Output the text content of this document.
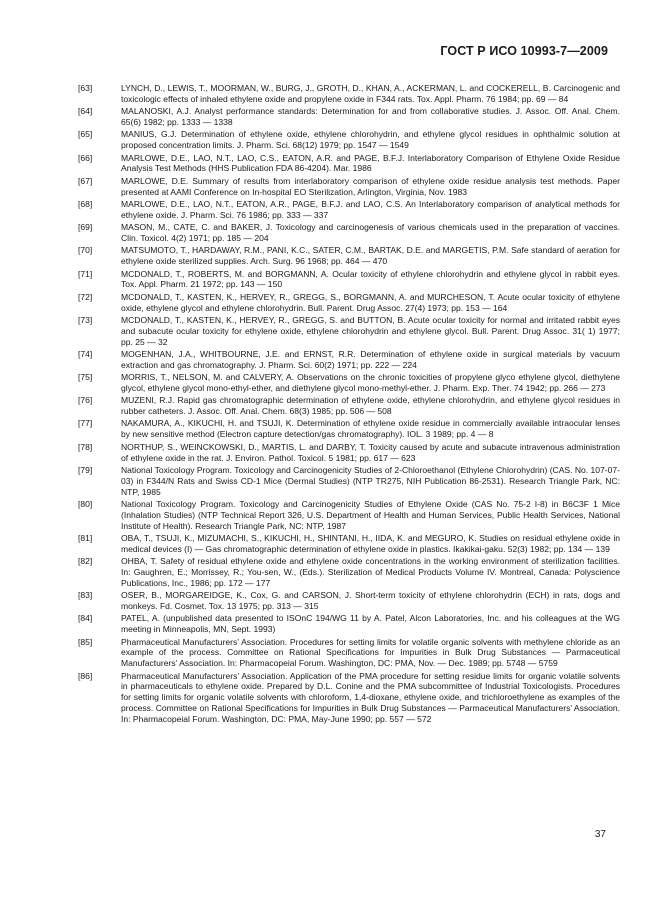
ГОСТ Р ИСО 10993-7—2009
[63]	LYNCH, D., LEWIS, T., MOORMAN, W., BURG, J., GROTH, D., KHAN, A., ACKERMAN, L. and COCKERELL, B. Carcinogenic and toxicologic effects of inhaled ethylene oxide and propylene oxide in F344 rats. Tox. Appl. Pharm. 76 1984; pp. 69 — 84
[64]	MALANOSKI, A.J. Analyst performance standards: Determination for and from collaborative studies. J. Assoc. Off. Anal. Chem. 65(6) 1982; pp. 1333 — 1338
[65]	MANIUS, G.J. Determination of ethylene oxide, ethylene chlorohydrin, and ethylene glycol residues in ophthalmic solution at proposed concentration limits. J. Pharm. Sci. 68(12) 1979; pp. 1547 — 1549
[66]	MARLOWE, D.E., LAO, N.T., LAO, C.S., EATON, A.R. and PAGE, B.F.J. Interlaboratory Comparison of Ethylene Oxide Residue Analysis Test Methods (HHS Publication FDA 86-4204). Mar. 1986
[67]	MARLOWE, D.E. Summary of results from interlaboratory comparison of ethylene oxide residue analysis test methods. Paper presented at AAMI Conference on In-hospital EO Sterilization, Arlington, Virginia, Nov. 1983
[68]	MARLOWE, D.E., LAO, N.T., EATON, A.R., PAGE, B.F.J. and LAO, C.S. An Interlaboratory comparison of analytical methods for ethylene oxide. J. Pharm. Sci. 76 1986; pp. 333 — 337
[69]	MASON, M., CATE, C. and BAKER, J. Toxicology and carcinogenesis of various chemicals used in the preparation of vaccines. Clin. Toxicol. 4(2) 1971; pp. 185 — 204
[70]	MATSUMOTO, T., HARDAWAY, R.M., PANI, K.C., SATER, C.M., BARTAK, D.E. and MARGETIS, P.M. Safe standard of aeration for ethylene oxide sterilized supplies. Arch. Surg. 96 1968; pp. 464 — 470
[71]	MCDONALD, T., ROBERTS, M. and BORGMANN, A. Ocular toxicity of ethylene chlorohydrin and ethylene glycol in rabbit eyes. Tox. Appl. Pharm. 21 1972; pp. 143 — 150
[72]	MCDONALD, T., KASTEN, K., HERVEY, R., GREGG, S., BORGMANN, A. and MURCHESON, T. Acute ocular toxicity of ethylene oxide, ethylene glycol and ethylene chlorohydrin. Bull. Parent. Drug Assoc. 27(4) 1973; pp. 153 — 164
[73]	MCDONALD, T., KASTEN, K., HERVEY, R., GREGG, S. and BUTTON, B. Acute ocular toxicity for normal and irritated rabbit eyes and subacute ocular toxicity for ethylene oxide, ethylene chlorohydrin and ethylene glycol. Bull. Parent. Drug Assoc. 31( 1) 1977; pp. 25 — 32
[74]	MOGENHAN, J.A., WHITBOURNE, J.E. and ERNST, R.R. Determination of ethylene oxide in surgical materials by vacuum extraction and gas chromatography. J. Pharm. Sci. 60(2) 1971; pp. 222 — 224
[75]	MORRIS, T., NELSON, M. and CALVERY, A. Observations on the chronic toxicities of propylene glyco ethylene glycol, diethylene glycol, ethylene glycol mono-ethyl-ether, and diethylene glycol mono-methyl-ether. J. Pharm. Exp. Ther. 74 1942; pp. 266 — 273
[76]	MUZENI, R.J. Rapid gas chromatographic determination of ethylene oxide, ethylene chlorohydrin, and ethylene glycol residues in rubber catheters. J. Assoc. Off. Anal. Chem. 68(3) 1985; pp. 506 — 508
[77]	NAKAMURA, A., KIKUCHI, H. and TSUJI, K. Determination of ethylene oxide residue in commercially available intraocular lenses by new sensitive method (Electron capture detection/gas chromatography). IOL. 3 1989; pp. 4 — 8
[78]	NORTHUP, S., WEINCKOWSKI, D., MARTIS, L. and DARBY, T. Toxicity caused by acute and subacute intravenous administration of ethylene oxide in the rat. J. Environ. Pathol. Toxicol. 5 1981; pp. 617 — 623
[79]	National Toxicology Program. Toxicology and Carcinogenicity Studies of 2-Chloroethanol (Ethylene Chlorohydrin) (CAS. No. 107-07-03) in F344/N Rats and Swiss CD-1 Mice (Dermal Studies) (NTP TR275, NIH Publication 86-2531). Research Triangle Park, NC: NTP, 1985
[80]	National Toxicology Program. Toxicology and Carcinogenicity Studies of Ethylene Oxide (CAS No. 75-2 I-8) in B6C3F 1 Mice (Inhalation Studies) (NTP Technical Report 326, U.S. Department of Health and Human Services, Public Health Services, National Institute of Health). Research Triangle Park, NC: NTP, 1987
[81]	OBA, T., TSUJI, K., MIZUMACHI, S., KIKUCHI, H., SHINTANI, H., IIDA, K. and MEGURO, K. Studies on residual ethylene oxide in medical devices (I) — Gas chromatographic determination of ethylene oxide in plastics. Ikakikai-gaku. 52(3) 1982; pp. 134 — 139
[82]	OHBA, T. Safety of residual ethylene oxide and ethylene oxide concentrations in the working environment of sterilization facilities. In: Gaughren, E.; Morrissey, R.; You-sen, W., (Eds.). Sterilization of Medical Products Volume IV. Montreal, Canada: Polyscience Publications, Inc., 1986; pp. 172 — 177
[83]	OSER, B., MORGAREIDGE, K., Cox, G. and CARSON, J. Short-term toxicity of ethylene chlorohydrin (ECH) in rats, dogs and monkeys. Fd. Cosmet. Tox. 13 1975; pp. 313 — 315
[84]	PATEL, A. (unpublished data presented to ISOnC 194/WG 11 by A. Patel, Alcon Laboratories, Inc. and his colleagues at the WG meeting in Minneapolis, MN, Sept. 1993)
[85]	Pharmaceutical Manufacturers’ Association. Procedures for setting limits for volatile organic solvents with methylene chloride as an example of the process. Committee on Rational Specifications for Impurities in Bulk Drug Substances — Parmaceutical Manufacturers’ Association. In: Pharmacopeial Forum. Washington, DC: PMA, Nov. — Dec. 1989; pp. 5748 — 5759
[86]	Pharmaceutical Manufacturers’ Association. Application of the PMA procedure for setting residue limits for organic volatile solvents in pharmaceuticals to ethylene oxide. Prepared by D.L. Conine and the PMA subcommittee of Industrial Toxicologists. Procedures for setting limits for organic volatile solvents with chloroform, 1,4-dioxane, ethylene oxide, and trichloroethylene as examples of the process. Committee on Rational Specifications for Impurities in Bulk Drug Substances — Parmaceutical Manufacturers’ Association. In: Pharmacopeial Forum. Washington, DC: PMA, May-June 1990; pp. 557 — 572
37
